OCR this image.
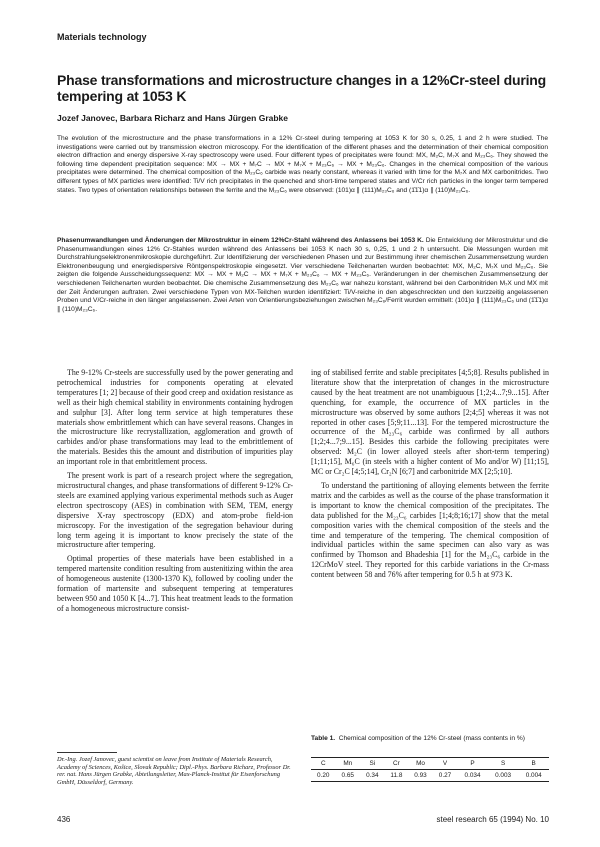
Materials technology
Phase transformations and microstructure changes in a 12%Cr-steel during tempering at 1053 K
Jozef Janovec, Barbara Richarz and Hans Jürgen Grabke

The evolution of the microstructure and the phase transformations in a 12% Cr-steel during tempering at 1053 K for 30 s, 0.25, 1 and 2 h were studied. The investigations were carried out by transmission electron microscopy. For the identification of the different phases and the determination of their chemical composition electron diffraction and energy dispersive X-ray spectroscopy were used. Four different types of precipitates were found: MX, M₂C, M₇X and M₂₃C₆. They showed the following time dependent precipitation sequence: MX → MX + M₇C → MX + M₇X + M₂₃C₆ → MX + M₂₃C₆. Changes in the chemical composition of the various precipitates were determined. The chemical composition of the M₂₃C₆ carbide was nearly constant, whereas it varied with time for the M₇X and MX carbonitrides. Two different types of MX particles were identified: Ti/V rich precipitates in the quenched and short-time tempered states and V/Cr rich particles in the longer term tempered states. Two types of orientation relationships between the ferrite and the M₂₃C₆ were observed: (101)α ∥ (111)M₂₃C₆ and (1̄1̄1)α ∥ (110)M₂₃C₆.

Phasenumwandlungen und Änderungen der Mikrostruktur in einem 12%Cr-Stahl während des Anlassens bei 1053 K. Die Entwicklung der Mikrostruktur und die Phasenumwandlungen eines 12% Cr-Stahles wurden während des Anlassens bei 1053 K nach 30 s, 0,25, 1 und 2 h untersucht. Die Messungen wurden mit Durchstrahlungselektronenmikroskopie durchgeführt. Zur Identifizierung der verschiedenen Phasen und zur Bestimmung ihrer chemischen Zusammensetzung wurden Elektronenbeugung und energiedispersive Röntgenspektroskopie eingesetzt. Vier verschiedene Teilchenarten wurden beobachtet: MX, M₂C, M₇X und M₂₃C₆. Sie zeigten die folgende Ausscheidungssequenz: MX → MX + M₂C → MX + M₇X + M₂₃C₆ → MX + M₂₃C₆. Veränderungen in der chemischen Zusammensetzung der verschiedenen Teilchenarten wurden beobachtet. Die chemische Zusammensetzung des M₂₃C₆ war nahezu konstant, während bei den Carbonitriden M₇X und MX mit der Zeit Änderungen auftraten. Zwei verschiedene Typen von MX-Teilchen wurden identifiziert: Ti/V-reiche in den abgeschreckten und den kurzzeitig angelassenen Proben und V/Cr-reiche in den länger angelassenen. Zwei Arten von Orientierungsbeziehungen zwischen M₂₃C₆/Ferrit wurden ermittelt: (101)α ∥ (111)M₂₃C₆ und (1̄1̄1)α ∥ (110)M₂₃C₆.

The 9-12% Cr-steels are successfully used by the power generating and petrochemical industries for components operating at elevated temperatures [1; 2] because of their good creep and oxidation resistance as well as their high chemical stability in environments containing hydrogen and sulphur [3]. After long term service at high temperatures these materials show embrittlement which can have several reasons. Changes in the microstructure like recrystallization, agglomeration and growth of carbides and/or phase transformations may lead to the embrittlement of the materials. Besides this the amount and distribution of impurities play an important role in that embrittlement process.

The present work is part of a research project where the segregation, microstructural changes, and phase transformations of different 9-12% Cr-steels are examined applying various experimental methods such as Auger electron spectroscopy (AES) in combination with SEM, TEM, energy dispersive X-ray spectroscopy (EDX) and atom-probe field-ion microscopy. For the investigation of the segregation behaviour during long term ageing it is important to know precisely the state of the microstructure after tempering.

Optimal properties of these materials have been established in a tempered martensite condition resulting from austenitizing within the area of homogeneous austenite (1300-1370 K), followed by cooling under the formation of martensite and subsequent tempering at temperatures between 950 and 1050 K [4...7]. This heat treatment leads to the formation of a homogeneous microstructure consist-

ing of stabilised ferrite and stable precipitates [4;5;8]. Results published in literature show that the interpretation of changes in the microstructure caused by the heat treatment are not unambiguous [1;2;4...7;9...15]. After quenching, for example, the occurrence of MX particles in the microstructure was observed by some authors [2;4;5] whereas it was not reported in other cases [5;9;11...13]. For the tempered microstructure the occurrence of the M₂₃C₆ carbide was confirmed by all authors [1;2;4...7;9...15]. Besides this carbide the following precipitates were observed: M₂C (in lower alloyed steels after short-term tempering) [1;11;15], M₆C (in steels with a higher content of Mo and/or W) [11;15], MC or Cr₂C [4;5;14], Cr₂N [6;7] and carbonitride MX [2;5;10].

To understand the partitioning of alloying elements between the ferrite matrix and the carbides as well as the course of the phase transformation it is important to know the chemical composition of the precipitates. The data published for the M₂₃C₆ carbides [1;4;8;16;17] show that the metal composition varies with the chemical composition of the steels and the time and temperature of the tempering. The chemical composition of individual particles within the same specimen can also vary as was confirmed by Thomson and Bhadeshia [1] for the M₂₃C₆ carbide in the 12CrMoV steel. They reported for this carbide variations in the Cr-mass content between 58 and 76% after tempering for 0.5 h at 973 K.

Dr.-Ing. Jozef Janovec, guest scientist on leave from Institute of Materials Research, Academy of Sciences, Košice, Slovak Republic; Dipl.-Phys. Barbara Richarz, Professor Dr. rer. nat. Hans Jürgen Grabke, Abteilungsleiter, Max-Planck-Institut für Eisenforschung GmbH, Düsseldorf, Germany.
Table 1. Chemical composition of the 12% Cr-steel (mass contents in %)
C	Mn	Si	Cr	Mo	V	P	S	B
0.20	0.65	0.34	11.8	0.93	0.27	0.034	0.003	0.004
436	steel research 65 (1994) No. 10
